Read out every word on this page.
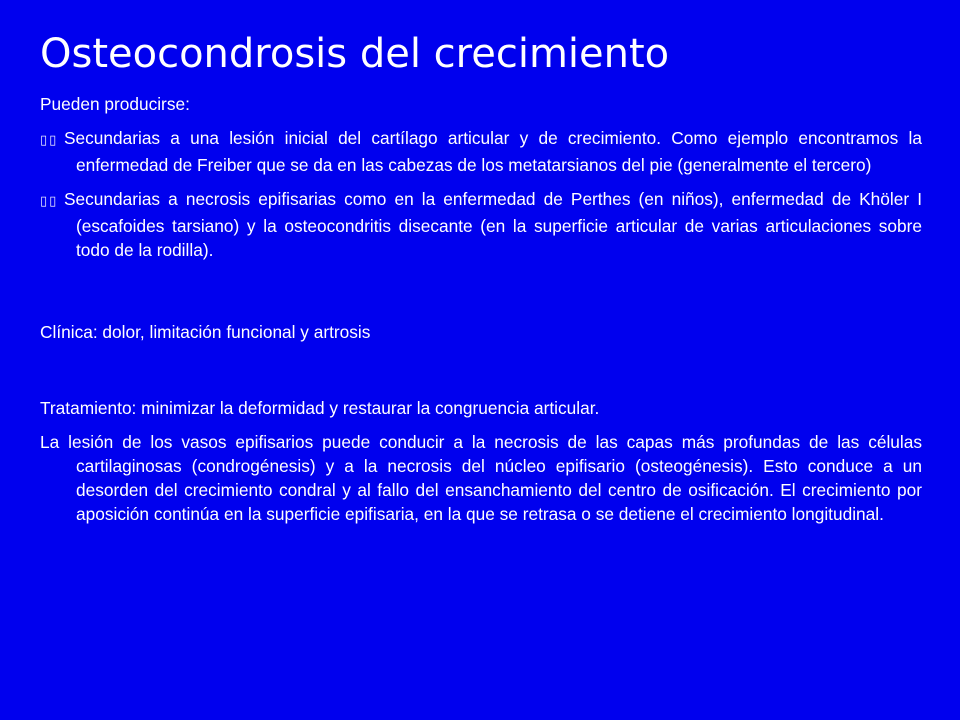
Osteocondrosis del crecimiento

Pueden producirse:

▯▯ Secundarias a una lesión inicial del cartílago articular y de crecimiento. Como ejemplo encontramos la enfermedad de Freiber que se da en las cabezas de los metatarsianos del pie (generalmente el tercero)

▯▯ Secundarias a necrosis epifisarias como en la enfermedad de Perthes (en niños), enfermedad de Khöler I (escafoides tarsiano) y la osteocondritis disecante (en la superficie articular de varias articulaciones sobre todo de la rodilla).

Clínica: dolor, limitación funcional y artrosis

Tratamiento: minimizar la deformidad y restaurar la congruencia articular.

La lesión de los vasos epifisarios puede conducir a la necrosis de las capas más profundas de las células cartilaginosas (condrogénesis) y a la necrosis del núcleo epifisario (osteogénesis). Esto conduce a un desorden del crecimiento condral y al fallo del ensanchamiento del centro de osificación. El crecimiento por aposición continúa en la superficie epifisaria, en la que se retrasa o se detiene el crecimiento longitudinal.
